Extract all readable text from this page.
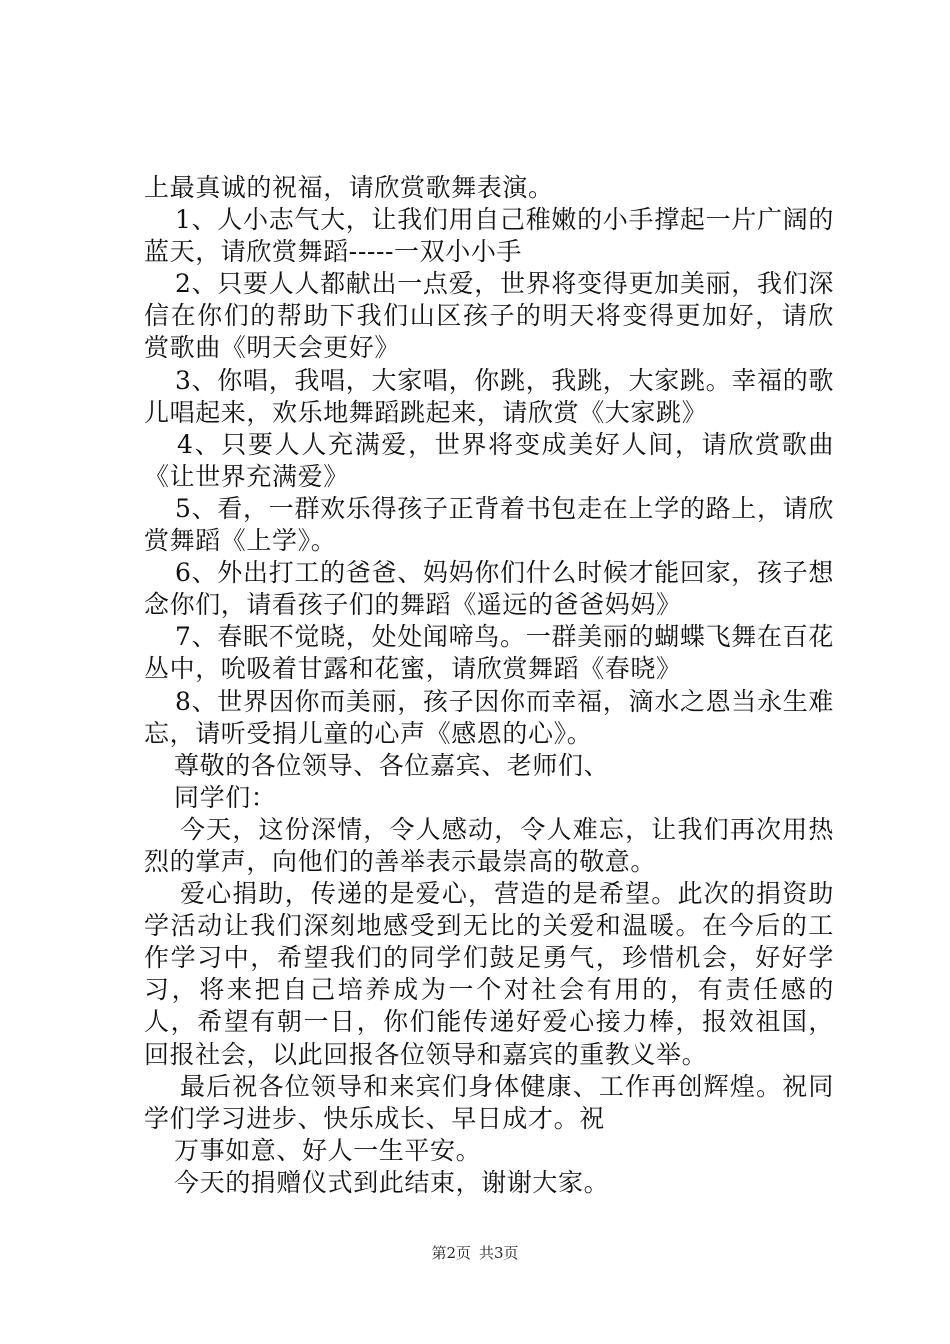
上最真诚的祝福，请欣赏歌舞表演。

1、人小志气大，让我们用自己稚嫩的小手撑起一片广阔的蓝天，请欣赏舞蹈-----一双小小手

2、只要人人都献出一点爱，世界将变得更加美丽，我们深信在你们的帮助下我们山区孩子的明天将变得更加好，请欣赏歌曲《明天会更好》

3、你唱，我唱，大家唱，你跳，我跳，大家跳。幸福的歌儿唱起来，欢乐地舞蹈跳起来，请欣赏《大家跳》

4、只要人人充满爱，世界将变成美好人间，请欣赏歌曲《让世界充满爱》

5、看，一群欢乐得孩子正背着书包走在上学的路上，请欣赏舞蹈《上学》。

6、外出打工的爸爸、妈妈你们什么时候才能回家，孩子想念你们，请看孩子们的舞蹈《遥远的爸爸妈妈》

7、春眠不觉晓，处处闻啼鸟。一群美丽的蝴蝶飞舞在百花丛中，吮吸着甘露和花蜜，请欣赏舞蹈《春晓》

8、世界因你而美丽，孩子因你而幸福，滴水之恩当永生难忘，请听受捐儿童的心声《感恩的心》。

尊敬的各位领导、各位嘉宾、老师们、

同学们：

今天，这份深情，令人感动，令人难忘，让我们再次用热烈的掌声，向他们的善举表示最崇高的敬意。

爱心捐助，传递的是爱心，营造的是希望。此次的捐资助学活动让我们深刻地感受到无比的关爱和温暖。在今后的工作学习中，希望我们的同学们鼓足勇气，珍惜机会，好好学习，将来把自己培养成为一个对社会有用的，有责任感的人，希望有朝一日，你们能传递好爱心接力棒，报效祖国，回报社会，以此回报各位领导和嘉宾的重教义举。

最后祝各位领导和来宾们身体健康、工作再创辉煌。祝同学们学习进步、快乐成长、早日成才。祝

万事如意、好人一生平安。

今天的捐赠仪式到此结束，谢谢大家。

第2页 共3页
